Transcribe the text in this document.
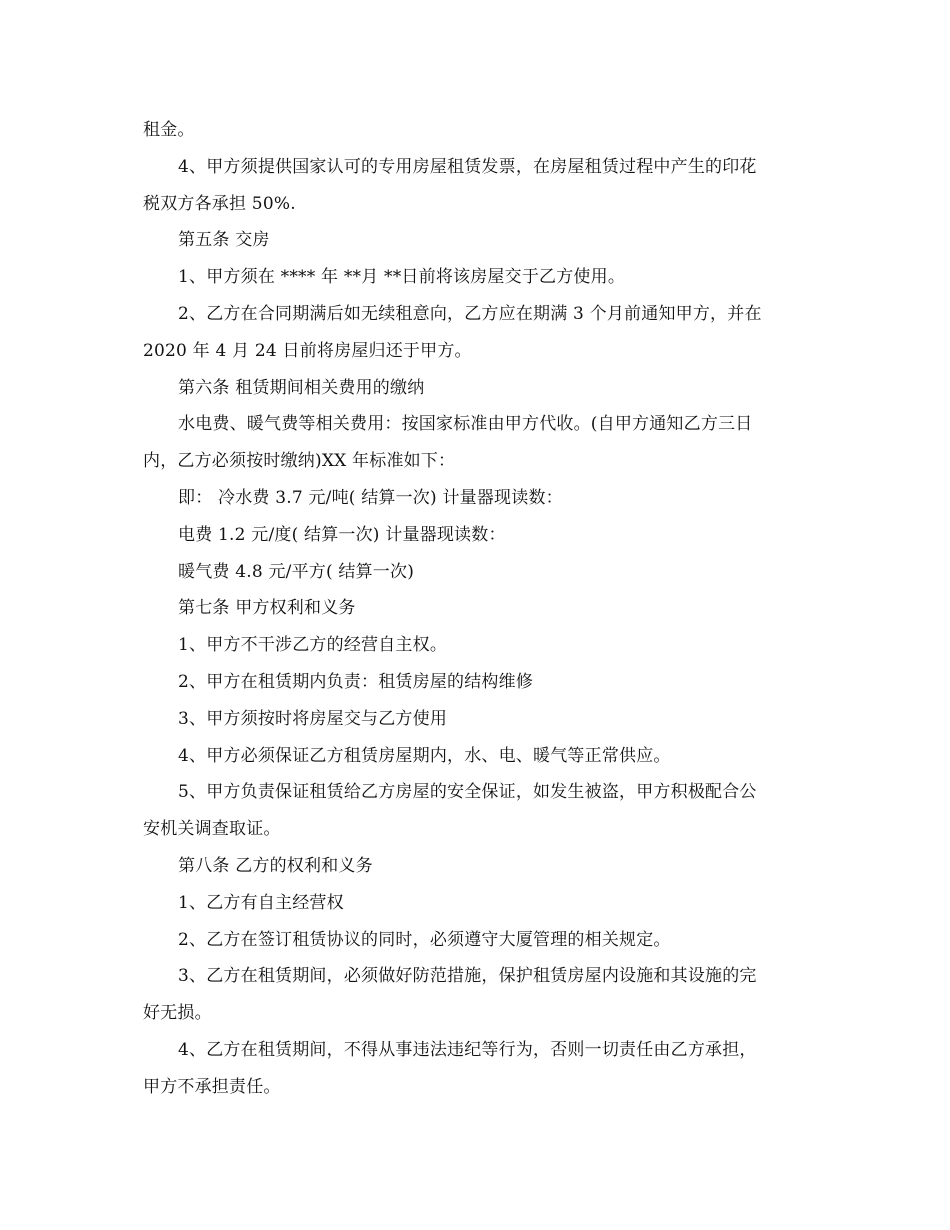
租金。
4、甲方须提供国家认可的专用房屋租赁发票，在房屋租赁过程中产生的印花
税双方各承担 50%.
第五条 交房
1、甲方须在 **** 年 **月 **日前将该房屋交于乙方使用。
2、乙方在合同期满后如无续租意向，乙方应在期满 3 个月前通知甲方，并在
2020 年 4 月 24 日前将房屋归还于甲方。
第六条 租赁期间相关费用的缴纳
水电费、暖气费等相关费用：按国家标准由甲方代收。(自甲方通知乙方三日
内，乙方必须按时缴纳)XX 年标准如下：
即： 冷水费 3.7 元/吨( 结算一次) 计量器现读数：
电费 1.2 元/度( 结算一次) 计量器现读数：
暖气费 4.8 元/平方( 结算一次)
第七条 甲方权利和义务
1、甲方不干涉乙方的经营自主权。
2、甲方在租赁期内负责：租赁房屋的结构维修
3、甲方须按时将房屋交与乙方使用
4、甲方必须保证乙方租赁房屋期内，水、电、暖气等正常供应。
5、甲方负责保证租赁给乙方房屋的安全保证，如发生被盗，甲方积极配合公
安机关调查取证。
第八条 乙方的权利和义务
1、乙方有自主经营权
2、乙方在签订租赁协议的同时，必须遵守大厦管理的相关规定。
3、乙方在租赁期间，必须做好防范措施，保护租赁房屋内设施和其设施的完
好无损。
4、乙方在租赁期间，不得从事违法违纪等行为，否则一切责任由乙方承担，
甲方不承担责任。
